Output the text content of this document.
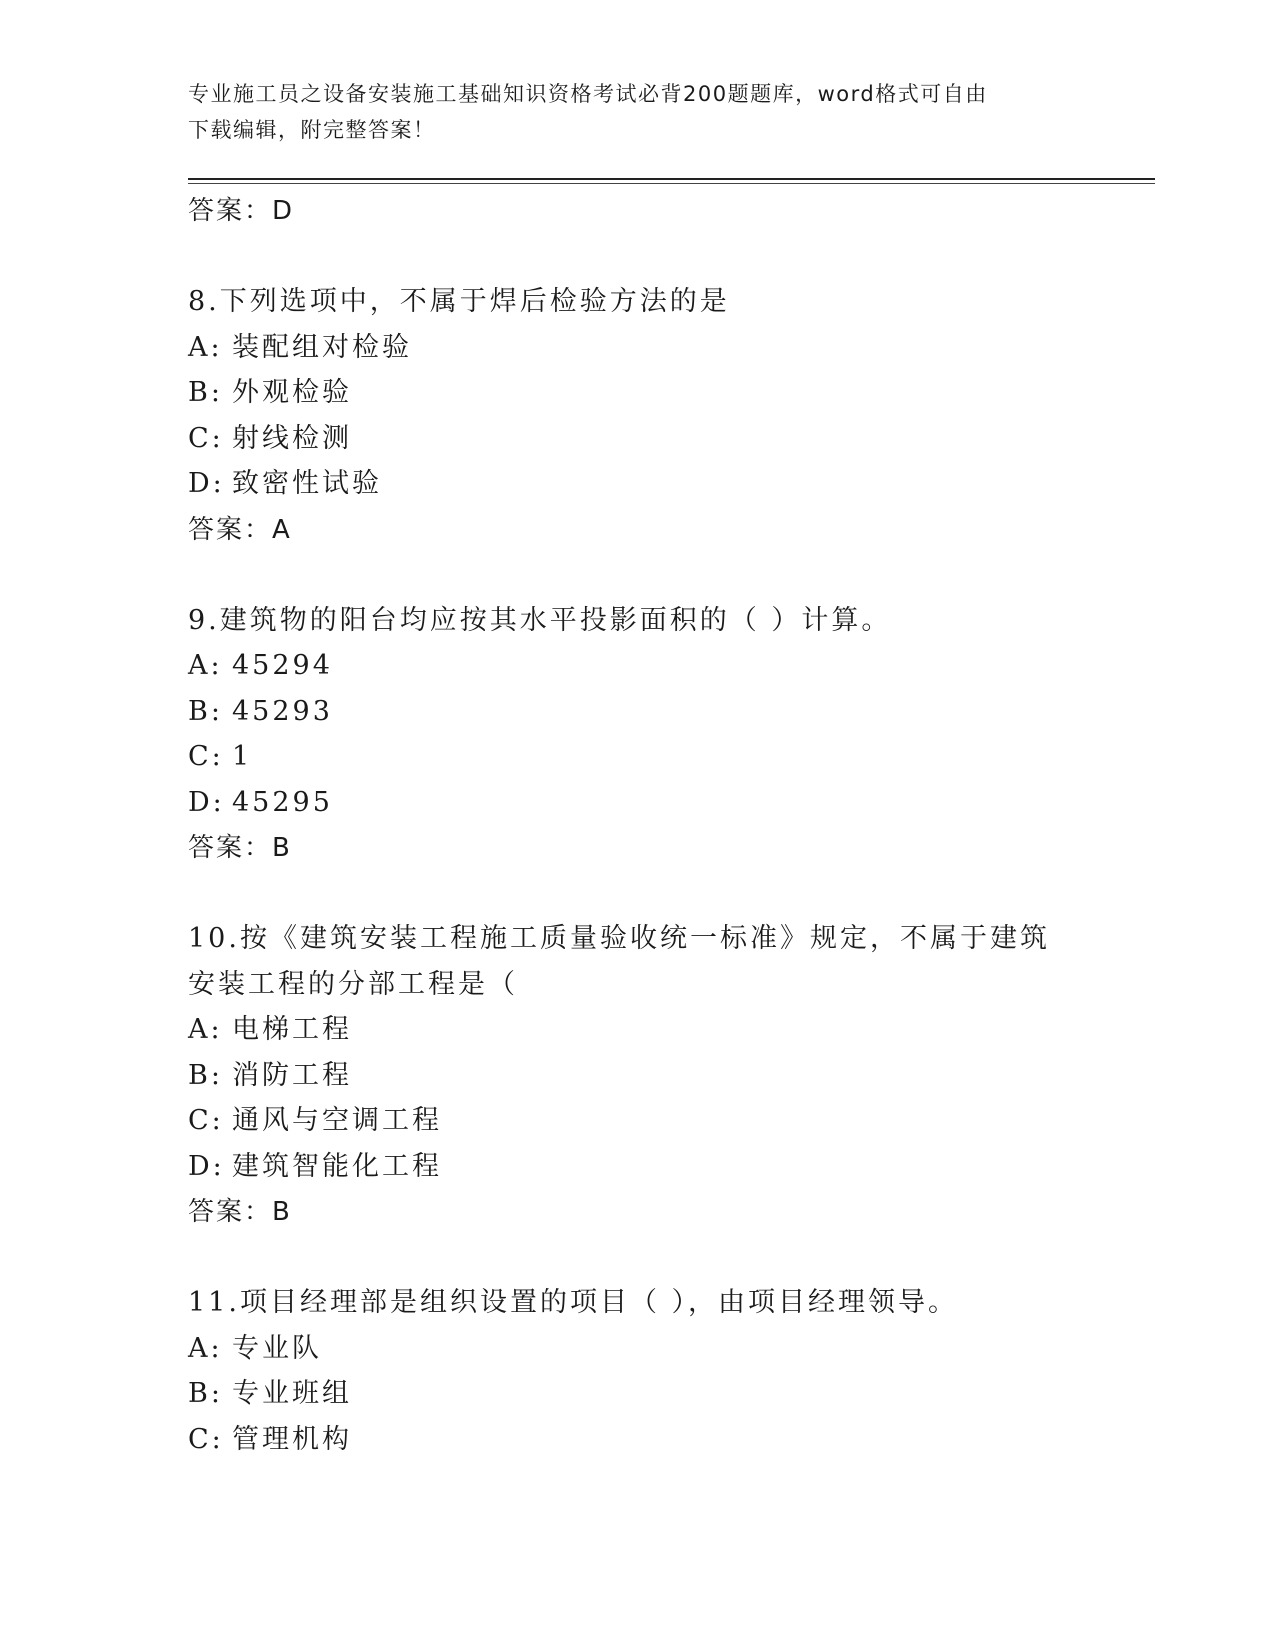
专业施工员之设备安装施工基础知识资格考试必背200题题库，word格式可自由
下载编辑，附完整答案！
答案：D
8.下列选项中，不属于焊后检验方法的是
A: 装配组对检验
B: 外观检验
C: 射线检测
D: 致密性试验
答案：A
9.建筑物的阳台均应按其水平投影面积的（ ）计算。
A: 45294
B: 45293
C: 1
D: 45295
答案：B
10.按《建筑安装工程施工质量验收统一标准》规定，不属于建筑安装工程的分部工程是（
A: 电梯工程
B: 消防工程
C: 通风与空调工程
D: 建筑智能化工程
答案：B
11.项目经理部是组织设置的项目（ ），由项目经理领导。
A: 专业队
B: 专业班组
C: 管理机构
